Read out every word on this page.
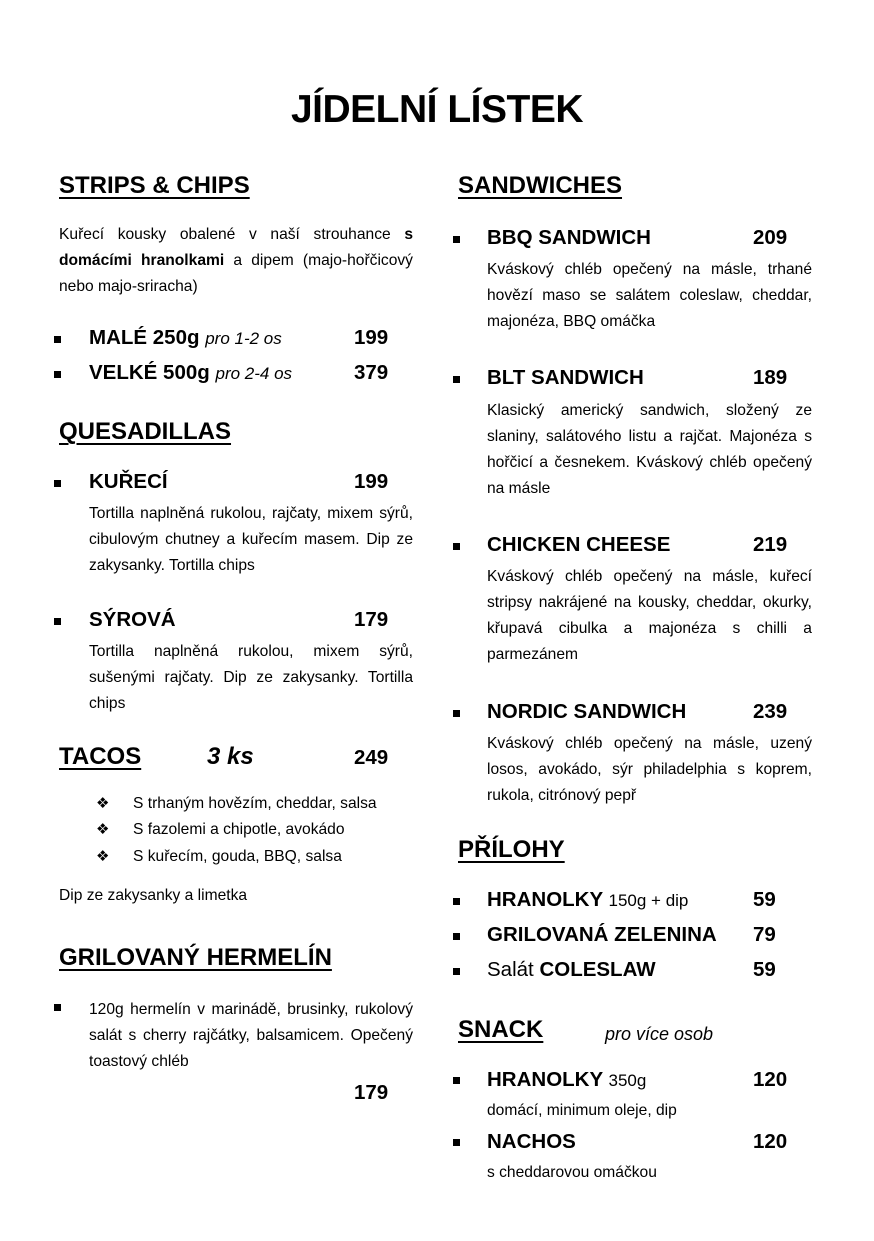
JÍDELNÍ LÍSTEK
STRIPS & CHIPS
Kuřecí kousky obalené v naší strouhance s domácími hranolkami a dipem (majo-hořčicový nebo majo-sriracha)
MALÉ 250g pro 1-2 os	199
VELKÉ 500g pro 2-4 os	379
QUESADILLAS
KUŘECÍ	199
Tortilla naplněná rukolou, rajčaty, mixem sýrů, cibulovým chutney a kuřecím masem. Dip ze zakysanky. Tortilla chips
SÝROVÁ	179
Tortilla naplněná rukolou, mixem sýrů, sušenými rajčaty. Dip ze zakysanky. Tortilla chips
TACOS	3 ks	249
❖ S trhaným hovězím, cheddar, salsa
❖ S fazolemi a chipotle, avokádo
❖ S kuřecím, gouda, BBQ, salsa
Dip ze zakysanky a limetka
GRILOVANÝ HERMELÍN
120g hermelín v marinádě, brusinky, rukolový salát s cherry rajčátky, balsamicem. Opečený toastový chléb
179
SANDWICHES
BBQ SANDWICH	209
Kváskový chléb opečený na másle, trhané hovězí maso se salátem coleslaw, cheddar, majonéza, BBQ omáčka
BLT SANDWICH	189
Klasický americký sandwich, složený ze slaniny, salátového listu a rajčat. Majonéza s hořčicí a česnekem. Kváskový chléb opečený na másle
CHICKEN CHEESE	219
Kváskový chléb opečený na másle, kuřecí stripsy nakrájené na kousky, cheddar, okurky, křupavá cibulka a majonéza s chilli a parmezánem
NORDIC SANDWICH	239
Kváskový chléb opečený na másle, uzený losos, avokádo, sýr philadelphia s koprem, rukola, citrónový pepř
PŘÍLOHY
HRANOLKY 150g + dip	59
GRILOVANÁ ZELENINA 79
Salát COLESLAW	59
SNACK	pro více osob
HRANOLKY 350g	120
domácí, minimum oleje, dip
NACHOS	120
s cheddarovou omáčkou
